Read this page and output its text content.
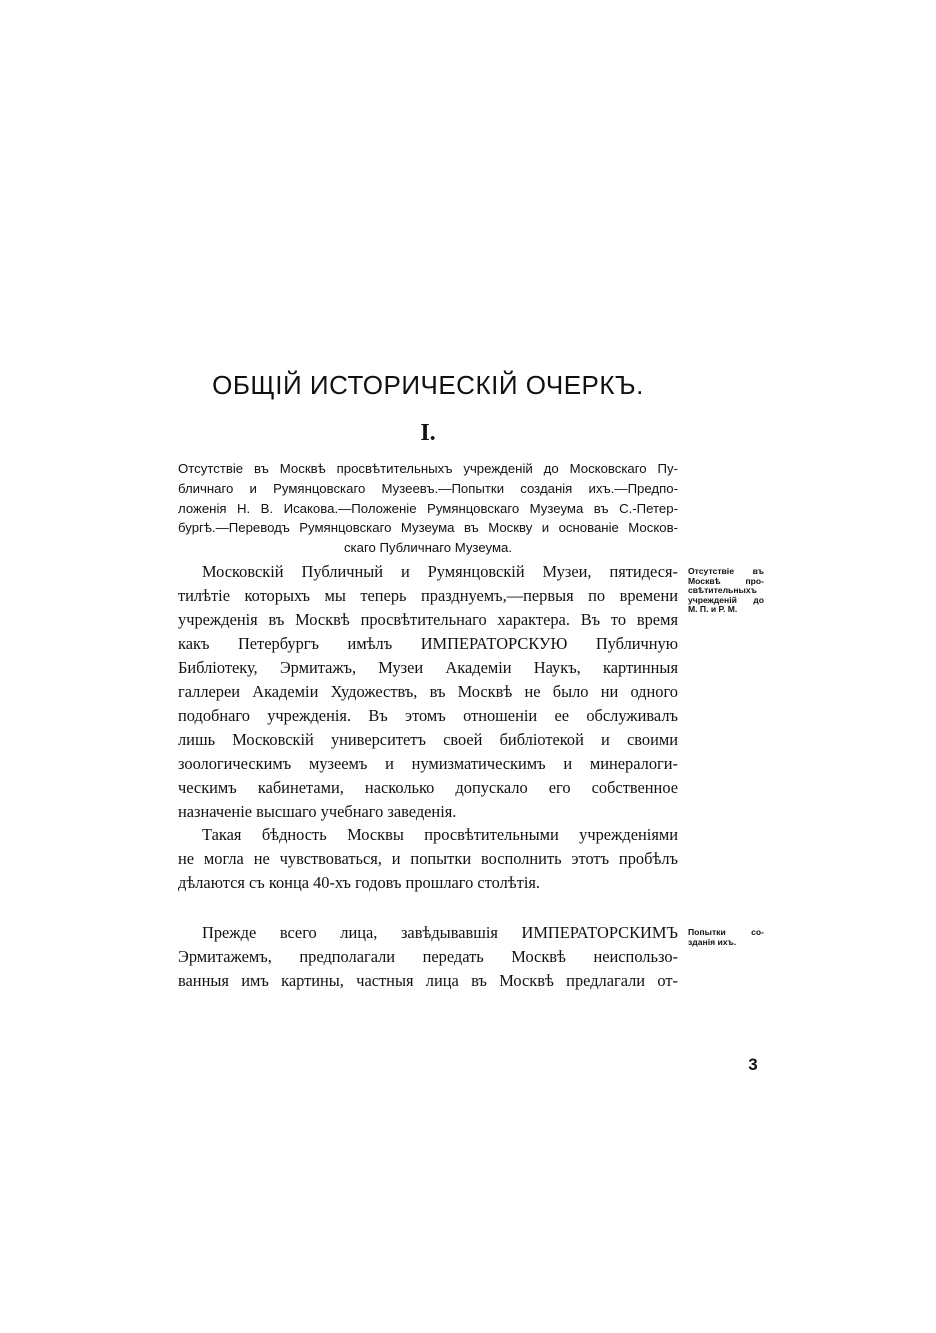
ОБЩІЙ ИСТОРИЧЕСКІЙ ОЧЕРКЪ.
I.
Отсутствіе въ Москвѣ просвѣтительныхъ учрежденій до Московскаго Пу-
бличнаго и Румянцовскаго Музеевъ.—Попытки созданія ихъ.—Предпо-
ложенія Н. В. Исакова.—Положеніе Румянцовскаго Музеума въ С.-Петер-
бургѣ.—Переводъ Румянцовскаго Музеума въ Москву и основаніе Москов-
скаго Публичнаго Музеума.
Московскій Публичный и Румянцовскій Музеи, пятидеся-
тилѣтіе которыхъ мы теперь празднуемъ,—первыя по времени
учрежденія въ Москвѣ просвѣтительнаго характера. Въ то время
какъ Петербургъ имѣлъ ИМПЕРАТОРСКУЮ Публичную
Библіотеку, Эрмитажъ, Музеи Академіи Наукъ, картинныя
галлереи Академіи Художествъ, въ Москвѣ не было ни одного
подобнаго учрежденія. Въ этомъ отношеніи ее обслуживалъ
лишь Московскій университетъ своей библіотекой и своими
зоологическимъ музеемъ и нумизматическимъ и минералоги-
ческимъ кабинетами, насколько допускало его собственное
назначеніе высшаго учебнаго заведенія.
Отсутствіе въ
Москвѣ про-
свѣтительныхъ
учрежденій до
М. П. и Р. М.
Такая бѣдность Москвы просвѣтительными учрежденіями
не могла не чувствоваться, и попытки восполнить этотъ пробѣлъ
дѣлаются съ конца 40-хъ годовъ прошлаго столѣтія.
Прежде всего лица, завѣдывавшія ИМПЕРАТОРСКИМЪ
Эрмитажемъ, предполагали передать Москвѣ неиспользо-
ванныя имъ картины, частныя лица въ Москвѣ предлагали от-
Попытки со-
зданія ихъ.
3
